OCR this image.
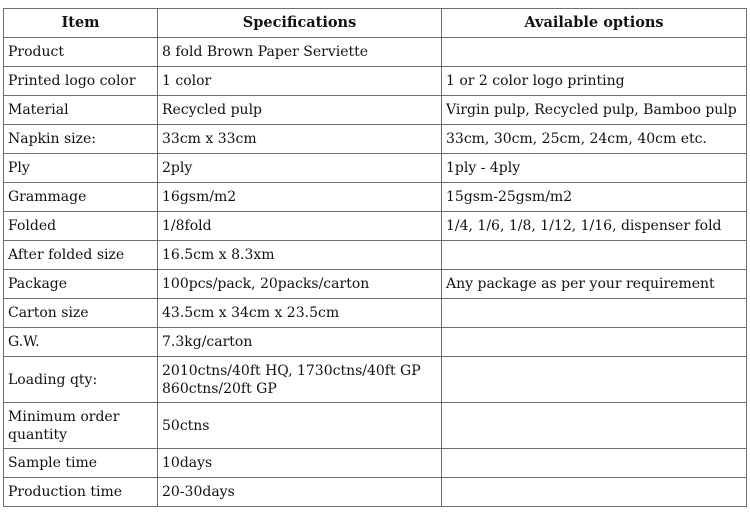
Item	Specifications	Available options
Product	8 fold Brown Paper Serviette	

Printed logo color	1 color	1 or 2 color logo printing
Material	Recycled pulp	Virgin pulp, Recycled pulp, Bamboo pulp
Napkin size:	33cm x 33cm	33cm, 30cm, 25cm, 24cm, 40cm etc.
Ply	2ply	1ply - 4ply
Grammage	16gsm/m2	15gsm-25gsm/m2
Folded	1/8fold	1/4, 1/6, 1/8, 1/12, 1/16, dispenser fold
After folded size	16.5cm x 8.3xm	

Package	100pcs/pack, 20packs/carton	Any package as per your requirement
Carton size	43.5cm x 34cm x 23.5cm	

G.W.	7.3kg/carton	

Loading qty:	2010ctns/40ft HQ, 1730ctns/40ft GP
860ctns/20ft GP	

Minimum order quantity	50ctns	

Sample time	10days	

Production time	20-30days	
